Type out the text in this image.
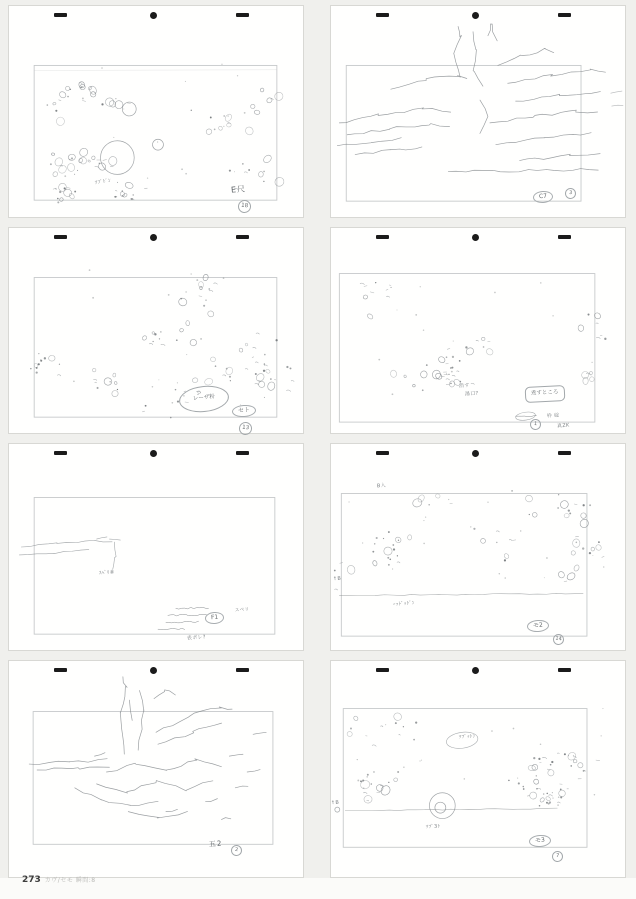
ﾂﾌﾞﾄﾞﾝ
E尺
18
C7	3
レーザ粉
セト
13
消す
湯口?	煮すところ
1
枠 碇
真ZK
ｽﾍﾞﾘ⑧
F1
スベリ
表ポレ?
B入
↑B
ｰｯﾄﾞｯﾄﾞﾝ
モ2
14
五2
2
ﾂﾌﾞｯﾄﾝ
ﾂﾌﾞ3ﾄ
↑B
モ3
7
273 カヴ/セモ 瞬間:8
